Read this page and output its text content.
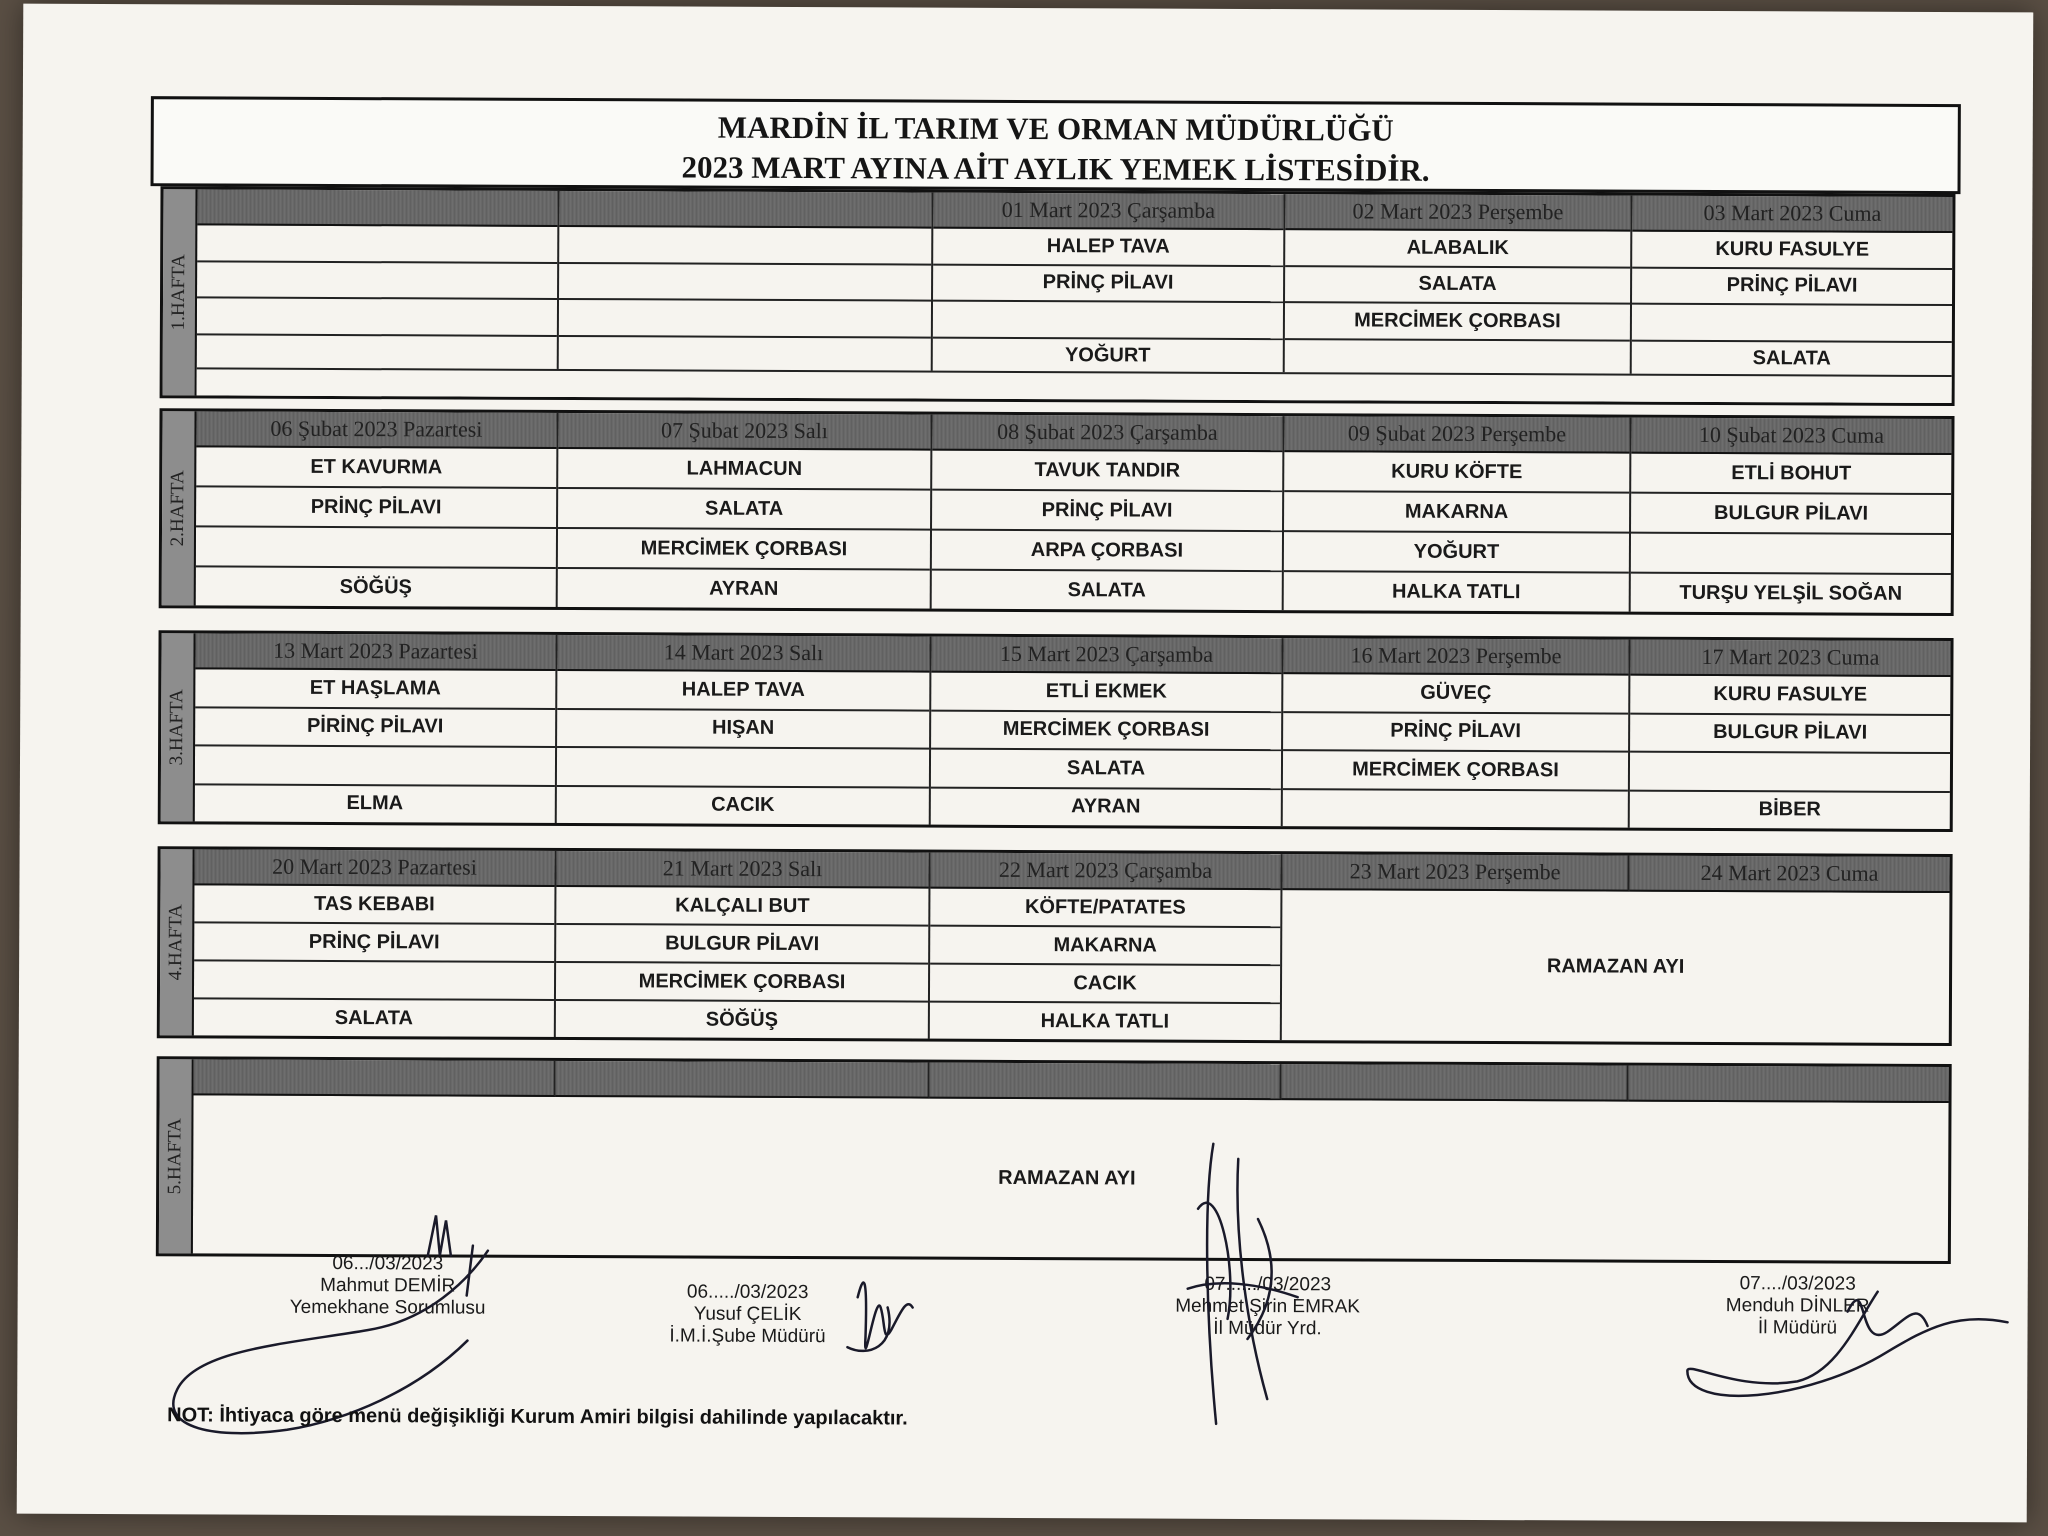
MARDİN İL TARIM VE ORMAN MÜDÜRLÜĞÜ
2023 MART AYINA AİT AYLIK YEMEK LİSTESİDİR.
1.HAFTA
01 Mart 2023 Çarşamba
HALEP TAVA
PRİNÇ PİLAVI
YOĞURT
02 Mart 2023 Perşembe
ALABALIK
SALATA
MERCİMEK ÇORBASI
03 Mart 2023 Cuma
KURU FASULYE
PRİNÇ PİLAVI
SALATA
2.HAFTA
06 Şubat 2023 Pazartesi
ET KAVURMA
PRİNÇ PİLAVI
SÖĞÜŞ
07 Şubat 2023 Salı
LAHMACUN
SALATA
MERCİMEK ÇORBASI
AYRAN
08 Şubat 2023 Çarşamba
TAVUK TANDIR
PRİNÇ PİLAVI
ARPA ÇORBASI
SALATA
09 Şubat 2023 Perşembe
KURU KÖFTE
MAKARNA
YOĞURT
HALKA TATLI
10 Şubat 2023 Cuma
ETLİ BOHUT
BULGUR PİLAVI
TURŞU YELŞİL SOĞAN
3.HAFTA
13 Mart 2023 Pazartesi
ET HAŞLAMA
PİRİNÇ PİLAVI
ELMA
14 Mart 2023 Salı
HALEP TAVA
HIŞAN
CACIK
15 Mart 2023 Çarşamba
ETLİ EKMEK
MERCİMEK ÇORBASI
SALATA
AYRAN
16 Mart 2023 Perşembe
GÜVEÇ
PRİNÇ PİLAVI
MERCİMEK ÇORBASI
17 Mart 2023 Cuma
KURU FASULYE
BULGUR PİLAVI
BİBER
4.HAFTA
20 Mart 2023 Pazartesi
TAS KEBABI
PRİNÇ PİLAVI
SALATA
21 Mart 2023 Salı
KALÇALI BUT
BULGUR PİLAVI
MERCİMEK ÇORBASI
SÖĞÜŞ
22 Mart 2023 Çarşamba
KÖFTE/PATATES
MAKARNA
CACIK
HALKA TATLI
23 Mart 2023 Perşembe	24 Mart 2023 Cuma
RAMAZAN AYI
5.HAFTA	RAMAZAN AYI
06.../03/2023
Mahmut DEMİR
Yemekhane Sorumlusu
06...../03/2023
Yusuf ÇELİK
İ.M.İ.Şube Müdürü
07....../03/2023
Mehmet Şirin EMRAK
İl Müdür Yrd.
07..../03/2023
Menduh DİNLER
İl Müdürü
NOT: İhtiyaca göre menü değişikliği Kurum Amiri bilgisi dahilinde yapılacaktır.
